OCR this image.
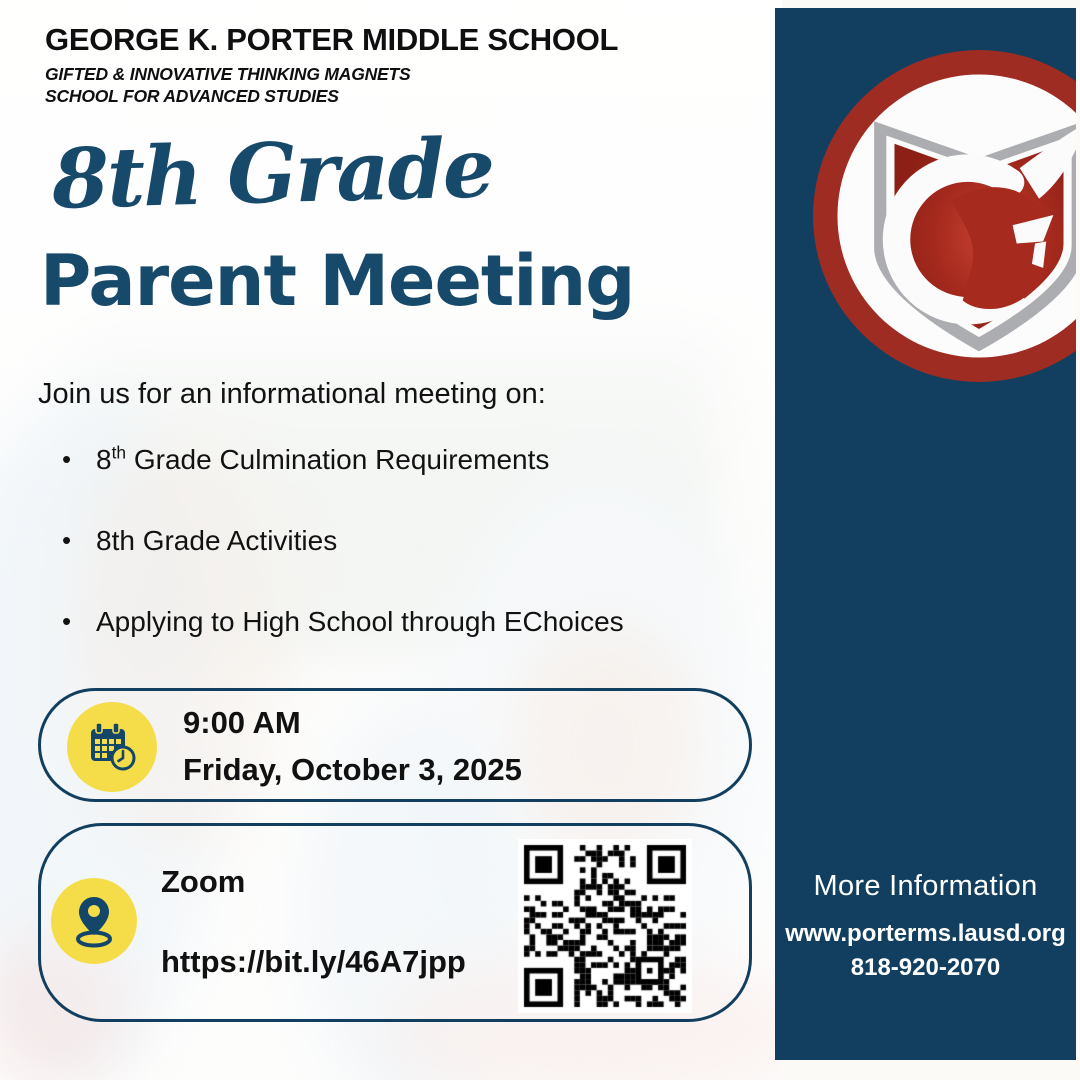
GEORGE K. PORTER MIDDLE SCHOOL
GIFTED & INNOVATIVE THINKING MAGNETS
SCHOOL FOR ADVANCED STUDIES
8th Grade
Parent Meeting
Join us for an informational meeting on:
• 8th Grade Culmination Requirements
• 8th Grade Activities
• Applying to High School through EChoices
9:00 AM
Friday, October 3, 2025
Zoom
https://bit.ly/46A7jpp
More Information
www.porterms.lausd.org
818-920-2070
